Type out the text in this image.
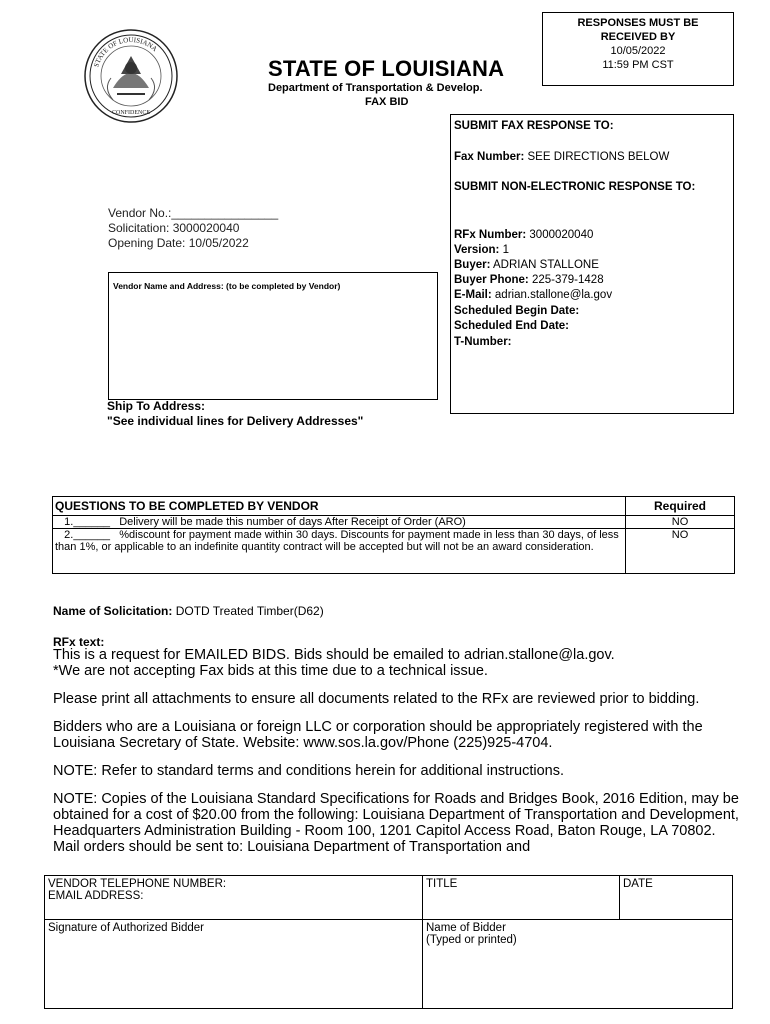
STATE OF LOUISIANA
CONFIDENCE
STATE OF LOUISIANA
Department of Transportation & Develop.
FAX BID
RESPONSES MUST BE
RECEIVED BY
10/05/2022
11:59 PM CST
SUBMIT FAX RESPONSE TO:
Fax Number: SEE DIRECTIONS BELOW
SUBMIT NON-ELECTRONIC RESPONSE TO:
RFx Number: 3000020040
Version: 1
Buyer: ADRIAN STALLONE
Buyer Phone: 225-379-1428
E-Mail: adrian.stallone@la.gov
Scheduled Begin Date:
Scheduled End Date:
T-Number:
Vendor No.:________________
Solicitation: 3000020040
Opening Date: 10/05/2022
Vendor Name and Address: (to be completed by Vendor)
Ship To Address:
"See individual lines for Delivery Addresses"
QUESTIONS TO BE COMPLETED BY VENDOR	Required
1.______   Delivery will be made this number of days After Receipt of Order (ARO)	NO
2.______   %discount for payment made within 30 days. Discounts for payment made in less than 30 days, of less than 1%, or applicable to an indefinite quantity contract will be accepted but will not be an award consideration.	NO
Name of Solicitation: DOTD Treated Timber(D62)
RFx text:

This is a request for EMAILED BIDS. Bids should be emailed to adrian.stallone@la.gov.
*We are not accepting Fax bids at this time due to a technical issue.

Please print all attachments to ensure all documents related to the RFx are reviewed prior to bidding.

Bidders who are a Louisiana or foreign LLC or corporation should be appropriately registered with the Louisiana Secretary of State. Website: www.sos.la.gov/Phone (225)925-4704.

NOTE: Refer to standard terms and conditions herein for additional instructions.

NOTE: Copies of the Louisiana Standard Specifications for Roads and Bridges Book, 2016 Edition, may be obtained for a cost of $20.00 from the following: Louisiana Department of Transportation and Development, Headquarters Administration Building - Room 100, 1201 Capitol Access Road, Baton Rouge, LA 70802. Mail orders should be sent to: Louisiana Department of Transportation and

VENDOR TELEPHONE NUMBER:
EMAIL ADDRESS:	TITLE	DATE

Signature of Authorized Bidder	Name of Bidder
(Typed or printed)	
